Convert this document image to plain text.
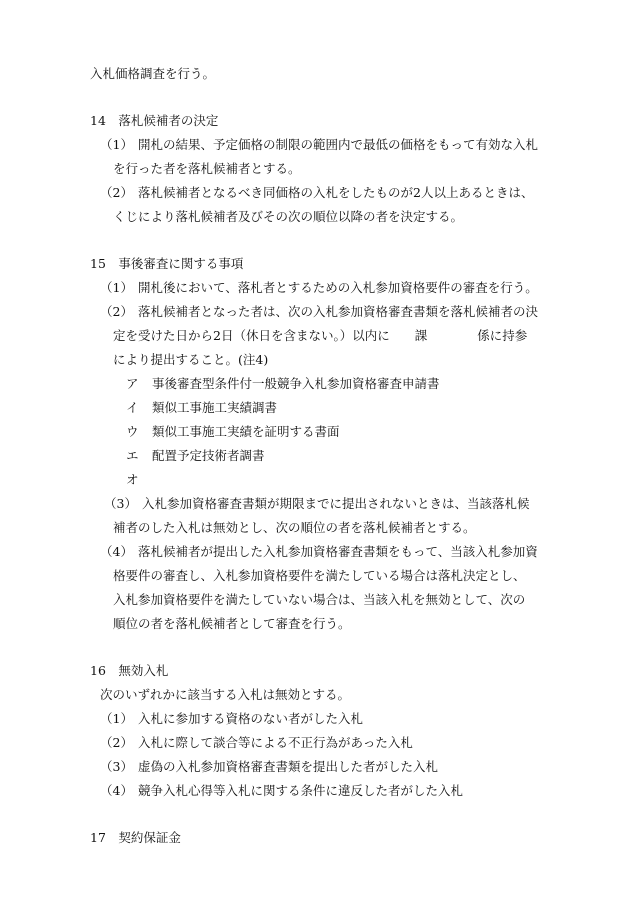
入札価格調査を行う。
14　落札候補者の決定
（1） 開札の結果、予定価格の制限の範囲内で最低の価格をもって有効な入札
を行った者を落札候補者とする。
（2） 落札候補者となるべき同価格の入札をしたものが2人以上あるときは、
くじにより落札候補者及びその次の順位以降の者を決定する。
15　事後審査に関する事項
（1） 開札後において、落札者とするための入札参加資格要件の審査を行う。
（2） 落札候補者となった者は、次の入札参加資格審査書類を落札候補者の決
定を受けた日から2日（休日を含まない。）以内に　　課　　　　係に持参
により提出すること。(注4)
ア 事後審査型条件付一般競争入札参加資格審査申請書
イ 類似工事施工実績調書
ウ 類似工事施工実績を証明する書面
エ 配置予定技術者調書
オ
（3） 入札参加資格審査書類が期限までに提出されないときは、当該落札候
補者のした入札は無効とし、次の順位の者を落札候補者とする。
（4） 落札候補者が提出した入札参加資格審査書類をもって、当該入札参加資
格要件の審査し、入札参加資格要件を満たしている場合は落札決定とし、
入札参加資格要件を満たしていない場合は、当該入札を無効として、次の
順位の者を落札候補者として審査を行う。
16　無効入札
次のいずれかに該当する入札は無効とする。
（1） 入札に参加する資格のない者がした入札
（2） 入札に際して談合等による不正行為があった入札
（3） 虚偽の入札参加資格審査書類を提出した者がした入札
（4） 競争入札心得等入札に関する条件に違反した者がした入札
17　契約保証金
